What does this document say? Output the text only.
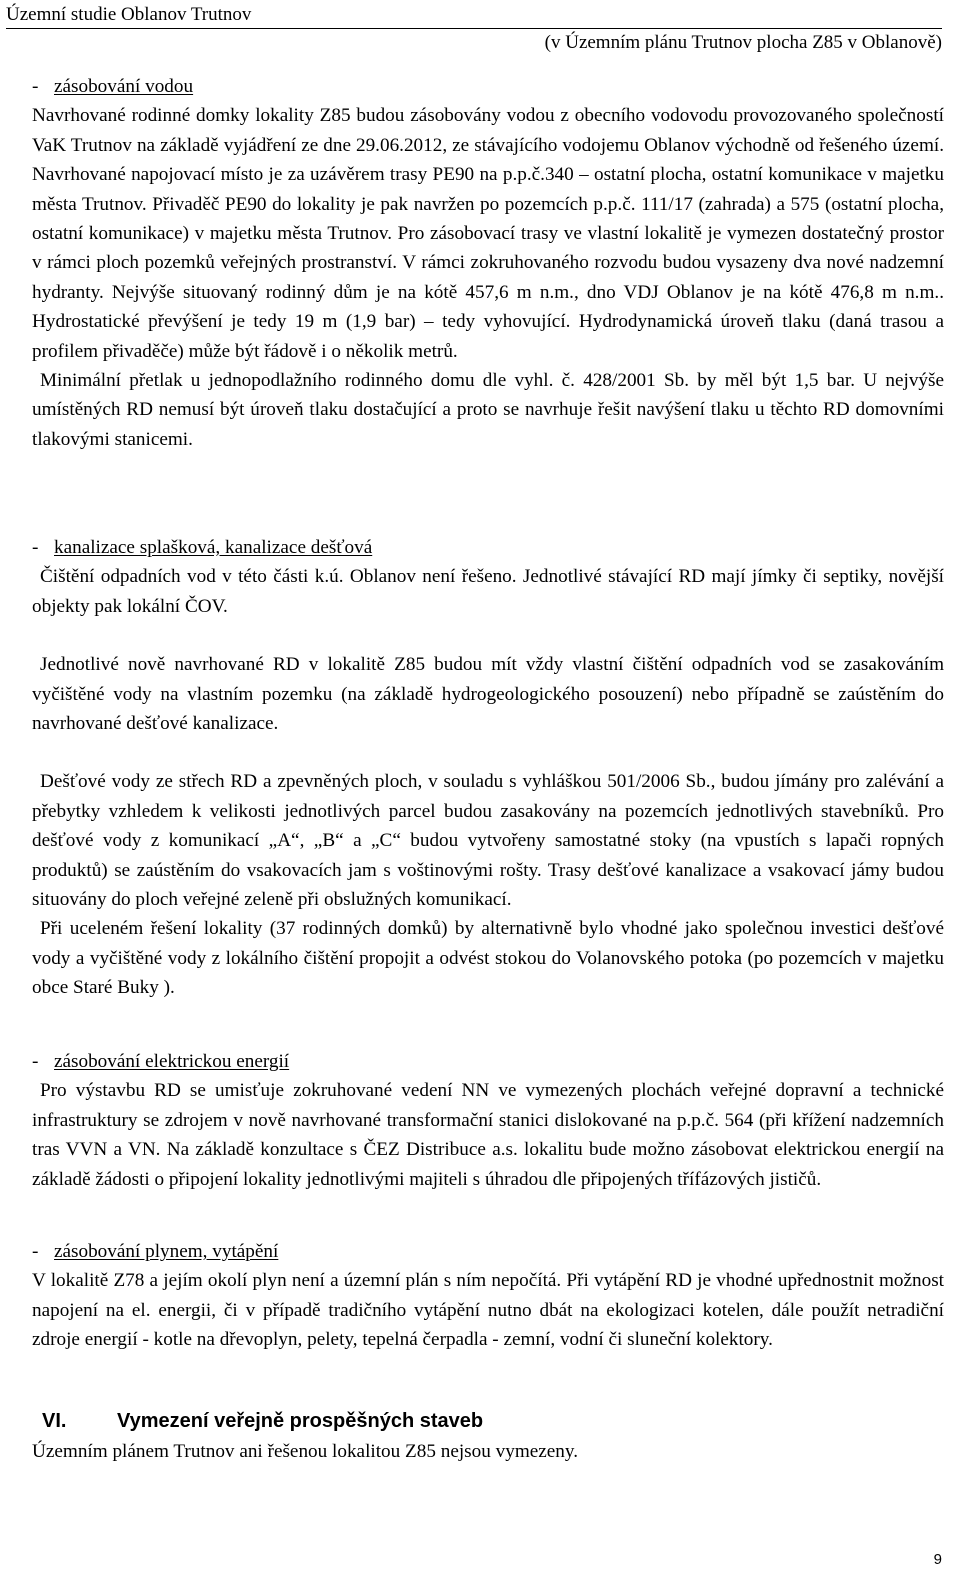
Územní studie Oblanov Trutnov
(v Územním plánu Trutnov plocha Z85 v Oblanově)
- zásobování vodou

Navrhované rodinné domky lokality Z85 budou zásobovány vodou z obecního vodovodu provozovaného společností VaK Trutnov na základě vyjádření ze dne 29.06.2012, ze stávajícího vodojemu Oblanov východně od řešeného území. Navrhované napojovací místo je za uzávěrem trasy PE90 na p.p.č.340 – ostatní plocha, ostatní komunikace v majetku města Trutnov. Přivaděč PE90 do lokality je pak navržen po pozemcích p.p.č. 111/17 (zahrada) a 575 (ostatní plocha, ostatní komunikace) v majetku města Trutnov. Pro zásobovací trasy ve vlastní lokalitě je vymezen dostatečný prostor v rámci ploch pozemků veřejných prostranství. V rámci zokruhovaného rozvodu budou vysazeny dva nové nadzemní hydranty. Nejvýše situovaný rodinný dům je na kótě 457,6 m n.m., dno VDJ Oblanov je na kótě 476,8 m n.m.. Hydrostatické převýšení je tedy 19 m (1,9 bar) – tedy vyhovující. Hydrodynamická úroveň tlaku (daná trasou a profilem přivaděče) může být řádově i o několik metrů.

Minimální přetlak u jednopodlažního rodinného domu dle vyhl. č. 428/2001 Sb. by měl být 1,5 bar. U nejvýše umístěných RD nemusí být úroveň tlaku dostačující a proto se navrhuje řešit navýšení tlaku u těchto RD domovními tlakovými stanicemi.

- kanalizace splašková, kanalizace dešťová

Čištění odpadních vod v této části k.ú. Oblanov není řešeno. Jednotlivé stávající RD mají jímky či septiky, novější objekty pak lokální ČOV.

Jednotlivé nově navrhované RD v lokalitě Z85 budou mít vždy vlastní čištění odpadních vod se zasakováním vyčištěné vody na vlastním pozemku (na základě hydrogeologického posouzení) nebo případně se zaústěním do navrhované dešťové kanalizace.

Dešťové vody ze střech RD a zpevněných ploch, v souladu s vyhláškou 501/2006 Sb., budou jímány pro zalévání a přebytky vzhledem k velikosti jednotlivých parcel budou zasakovány na pozemcích jednotlivých stavebníků. Pro dešťové vody z komunikací „A“, „B“ a „C“ budou vytvořeny samostatné stoky (na vpustích s lapači ropných produktů) se zaústěním do vsakovacích jam s voštinovými rošty. Trasy dešťové kanalizace a vsakovací jámy budou situovány do ploch veřejné zeleně při obslužných komunikací.

Při uceleném řešení lokality (37 rodinných domků) by alternativně bylo vhodné jako společnou investici dešťové vody a vyčištěné vody z lokálního čištění propojit a odvést stokou do Volanovského potoka (po pozemcích v majetku obce Staré Buky ).

- zásobování elektrickou energií

Pro výstavbu RD se umisťuje zokruhované vedení NN ve vymezených plochách veřejné dopravní a technické infrastruktury se zdrojem v nově navrhované transformační stanici dislokované na p.p.č. 564 (při křížení nadzemních tras VVN a VN. Na základě konzultace s ČEZ Distribuce a.s. lokalitu bude možno zásobovat elektrickou energií na základě žádosti o připojení lokality jednotlivými majiteli s úhradou dle připojených třífázových jističů.

- zásobování plynem, vytápění

V lokalitě Z78 a jejím okolí plyn není a územní plán s ním nepočítá. Při vytápění RD je vhodné upřednostnit možnost napojení na el. energii, či v případě tradičního vytápění nutno dbát na ekologizaci kotelen, dále použít netradiční zdroje energií - kotle na dřevoplyn, pelety, tepelná čerpadla - zemní, vodní či sluneční kolektory.

VI.	Vymezení veřejně prospěšných staveb
Územním plánem Trutnov ani řešenou lokalitou Z85 nejsou vymezeny.
9
